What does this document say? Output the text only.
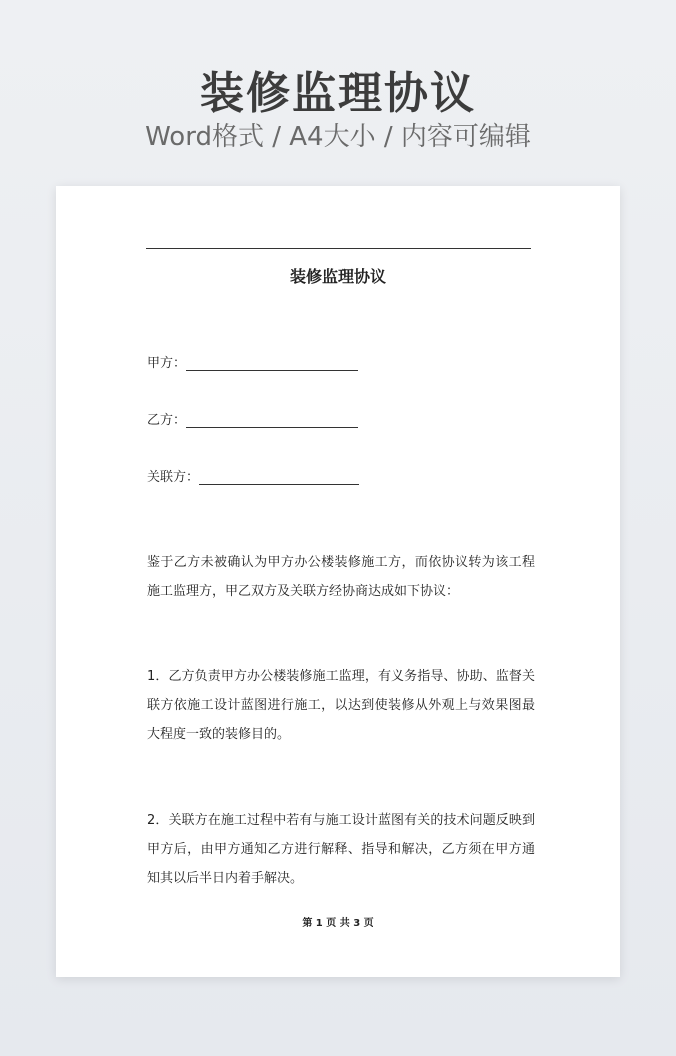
装修监理协议
Word格式 / A4大小 / 内容可编辑
装修监理协议
甲方：
乙方：
关联方：
鉴于乙方未被确认为甲方办公楼装修施工方，而依协议转为该工程施工监理方，甲乙双方及关联方经协商达成如下协议：
1．乙方负责甲方办公楼装修施工监理，有义务指导、协助、监督关联方依施工设计蓝图进行施工，以达到使装修从外观上与效果图最大程度一致的装修目的。
2．关联方在施工过程中若有与施工设计蓝图有关的技术问题反映到甲方后，由甲方通知乙方进行解释、指导和解决，乙方须在甲方通知其以后半日内着手解决。
第 1 页 共 3 页
